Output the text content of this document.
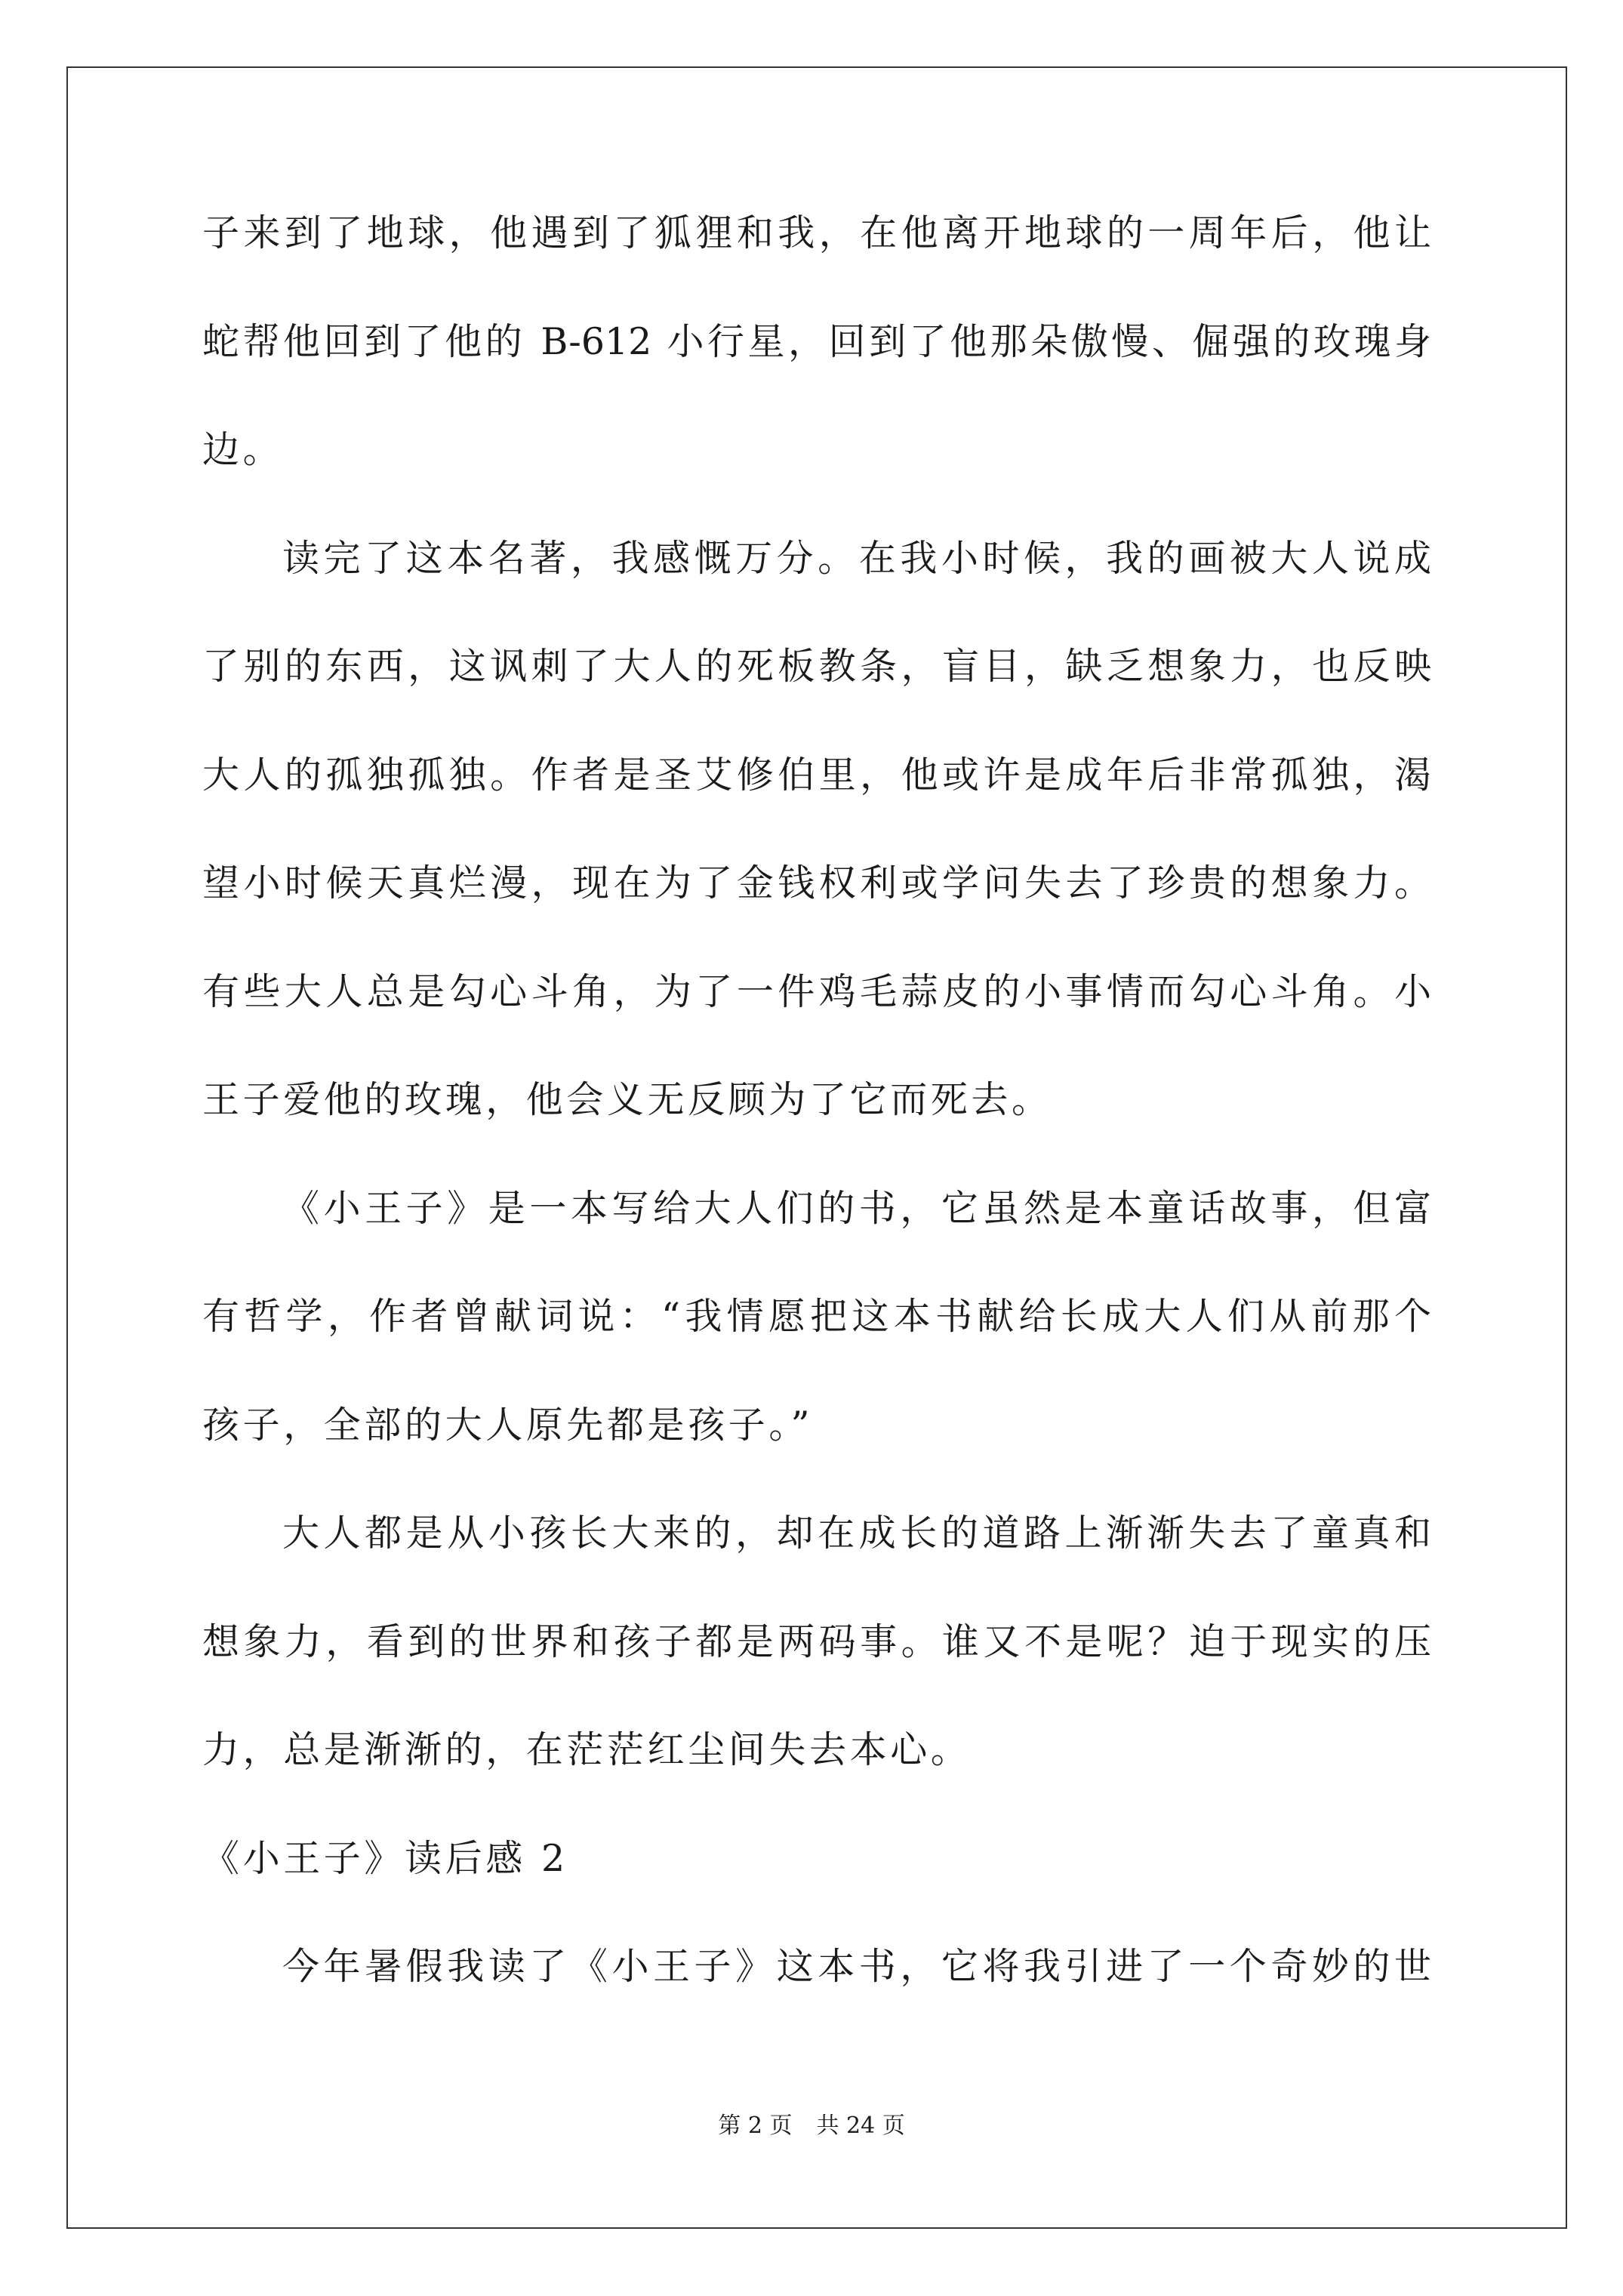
子来到了地球，他遇到了狐狸和我，在他离开地球的一周年后，他让
蛇帮他回到了他的 B-612 小行星，回到了他那朵傲慢、倔强的玫瑰身
边。
读完了这本名著，我感慨万分。在我小时候，我的画被大人说成
了别的东西，这讽刺了大人的死板教条，盲目，缺乏想象力，也反映
大人的孤独孤独。作者是圣艾修伯里，他或许是成年后非常孤独，渴
望小时候天真烂漫，现在为了金钱权利或学问失去了珍贵的想象力。
有些大人总是勾心斗角，为了一件鸡毛蒜皮的小事情而勾心斗角。小
王子爱他的玫瑰，他会义无反顾为了它而死去。
《小王子》是一本写给大人们的书，它虽然是本童话故事，但富
有哲学，作者曾献词说：“我情愿把这本书献给长成大人们从前那个
孩子，全部的大人原先都是孩子。”
大人都是从小孩长大来的，却在成长的道路上渐渐失去了童真和
想象力，看到的世界和孩子都是两码事。谁又不是呢？迫于现实的压
力，总是渐渐的，在茫茫红尘间失去本心。
《小王子》读后感 2
今年暑假我读了《小王子》这本书，它将我引进了一个奇妙的世
第 2 页 共 24 页
